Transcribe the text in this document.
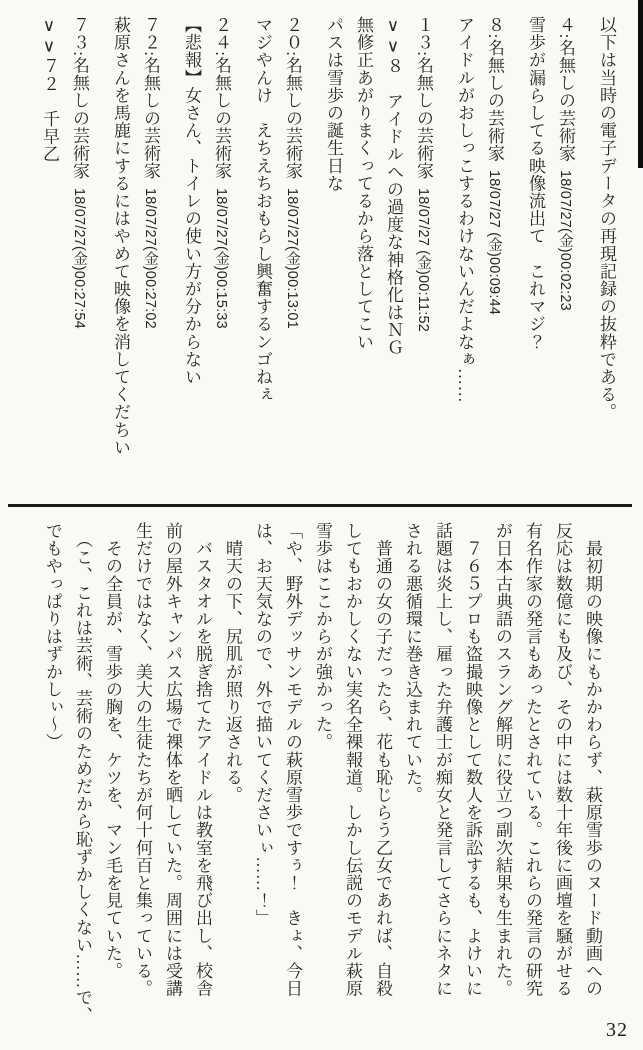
以下は当時の電子データの再現記録の抜粋である。

４:名無しの芸術家18/07/27(金)00:02:23

雪歩が漏らしてる映像流出て　これマジ？

８:名無しの芸術家18/07/27 (金)00:09:44

アイドルがおしっこするわけないんだよなぁ……

１３:名無しの芸術家18/07/27 (金)00:11:52

∨∨８　アイドルへの過度な神格化はＮＧ

無修正あがりまくってるから落としてこい

パスは雪歩の誕生日な

２０:名無しの芸術家18/07/27(金)00:13:01

マジやんけ　えちえちおもらし興奮するンゴねぇ

２４:名無しの芸術家18/07/27(金)00:15:33

【悲報】女さん、トイレの使い方が分からない

７２:名無しの芸術家18/07/27(金)00:27:02

萩原さんを馬鹿にするにはやめて映像を消してくだちい

７３:名無しの芸術家18/07/27(金)00:27:54

∨∨７２　千早乙

　最初期の映像にもかかわらず、萩原雪歩のヌード動画への

反応は数億にも及び、その中には数十年後に画壇を騒がせる

有名作家の発言もあったとされている。これらの発言の研究

が日本古典語のスラング解明に役立つ副次結果も生まれた。

　７６５プロも盗撮映像として数人を訴訟するも、よけいに

話題は炎上し、雇った弁護士が痴女と発言してさらにネタに

される悪循環に巻き込まれていた。

　普通の女の子だったら、花も恥じらう乙女であれば、自殺

してもおかしくない実名全裸報道。しかし伝説のモデル萩原

雪歩はここからが強かった。

「や、野外デッサンモデルの萩原雪歩ですぅ！　きょ、今日

は、お天気なので、外で描いてくださいぃ……！」

　晴天の下、尻肌が照り返される。

　バスタオルを脱ぎ捨てたアイドルは教室を飛び出し、校舎

前の屋外キャンパス広場で裸体を晒していた。周囲には受講

生だけではなく、美大の生徒たちが何十何百と集っている。

　その全員が、雪歩の胸を、ケツを、マン毛を見ていた。

　（こ、これは芸術、芸術のためだから恥ずかしくない……で、

でもやっぱりはずかしぃ～）

32
